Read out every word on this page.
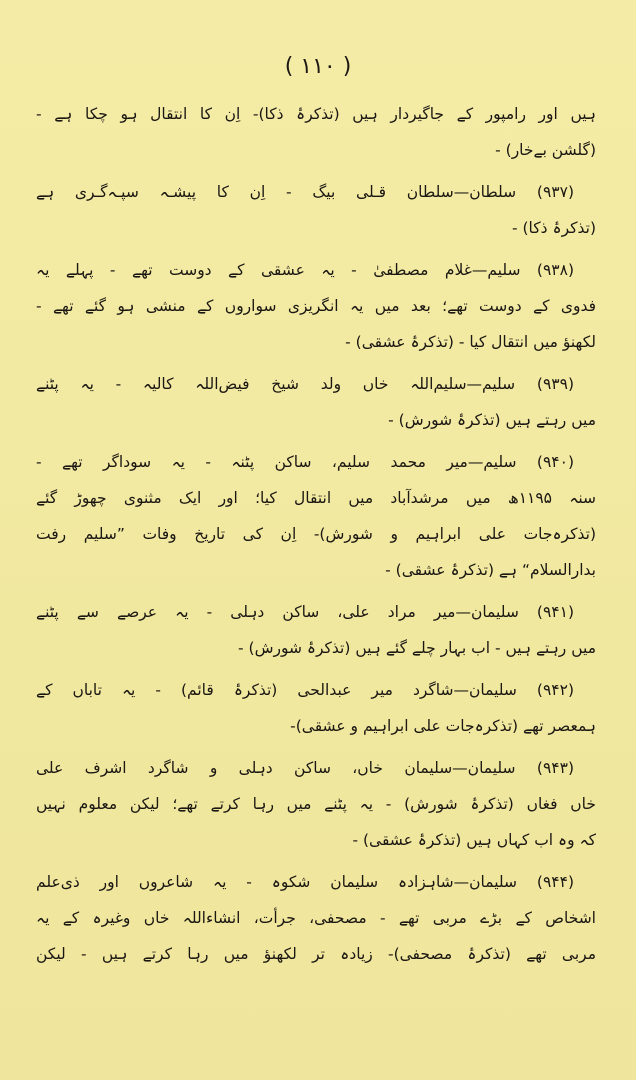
( ۱۱۰ )
ہیں اور رامپور کے جاگیردار ہیں (تذکرۂ ذکا)- اِن کا انتقال ہو چکا ہے -
(گلشن بے‌خار) -
(۹۳۷) سلطان—سلطان قـلی بیگ - اِن کا پیشـہ سپـہ‌گـری ہے
(تذکرۂ ذکا) -
(۹۳۸) سلیم—غلام مصطفیٰ - یہ عشقی کے دوست تھے - پہلے یہ
فدوی کے دوست تھے؛ بعد میں یہ انگریزی سواروں کے منشی ہو گئے تھے -
لکھنؤ میں انتقال کیا - (تذکرۂ عشقی) -
(۹۳۹) سلیم—سلیم‌اللہ خاں ولد شیخ فیض‌اللہ کالیہ - یہ پٹنے
میں رہتے ہیں (تذکرۂ شورش) -
(۹۴۰) سلیم—میر محمد سلیم، ساکن پٹنہ - یہ سوداگر تھے -
سنہ ۱۱۹۵ھ میں مرشدآباد میں انتقال کیا؛ اور ایک مثنوی چھوڑ گئے
(تذکرہ‌جات علی ابراہیم و شورش)- اِن کی تاریخ وفات ”سلیم رفت
بدارالسلام“ ہے (تذکرۂ عشقی) -
(۹۴۱) سلیمان—میر مراد علی، ساکن دہلی - یہ عرصے سے پٹنے
میں رہتے ہیں - اب بہار چلے گئے ہیں (تذکرۂ شورش) -
(۹۴۲) سلیمان—شاگرد میر عبدالحی (تذکرۂ قائم) - یہ تاباں کے
ہمعصر تھے (تذکرہ‌جات علی ابراہیم و عشقی)-
(۹۴۳) سلیمان—سلیمان خاں، ساکن دہلی و شاگرد اشرف علی
خاں فغاں (تذکرۂ شورش) - یہ پٹنے میں رہا کرتے تھے؛ لیکن معلوم نہیں
کہ وہ اب کہاں ہیں (تذکرۂ عشقی) -
(۹۴۴) سلیمان—شاہزادہ سلیمان شکوہ - یہ شاعروں اور ذی‌علم
اشخاص کے بڑے مربی تھے - مصحفی، جرأت، انشاءاللہ خاں وغیرہ کے یہ
مربی تھے (تذکرۂ مصحفی)- زیادہ تر لکھنؤ میں رہا کرتے ہیں - لیکن
